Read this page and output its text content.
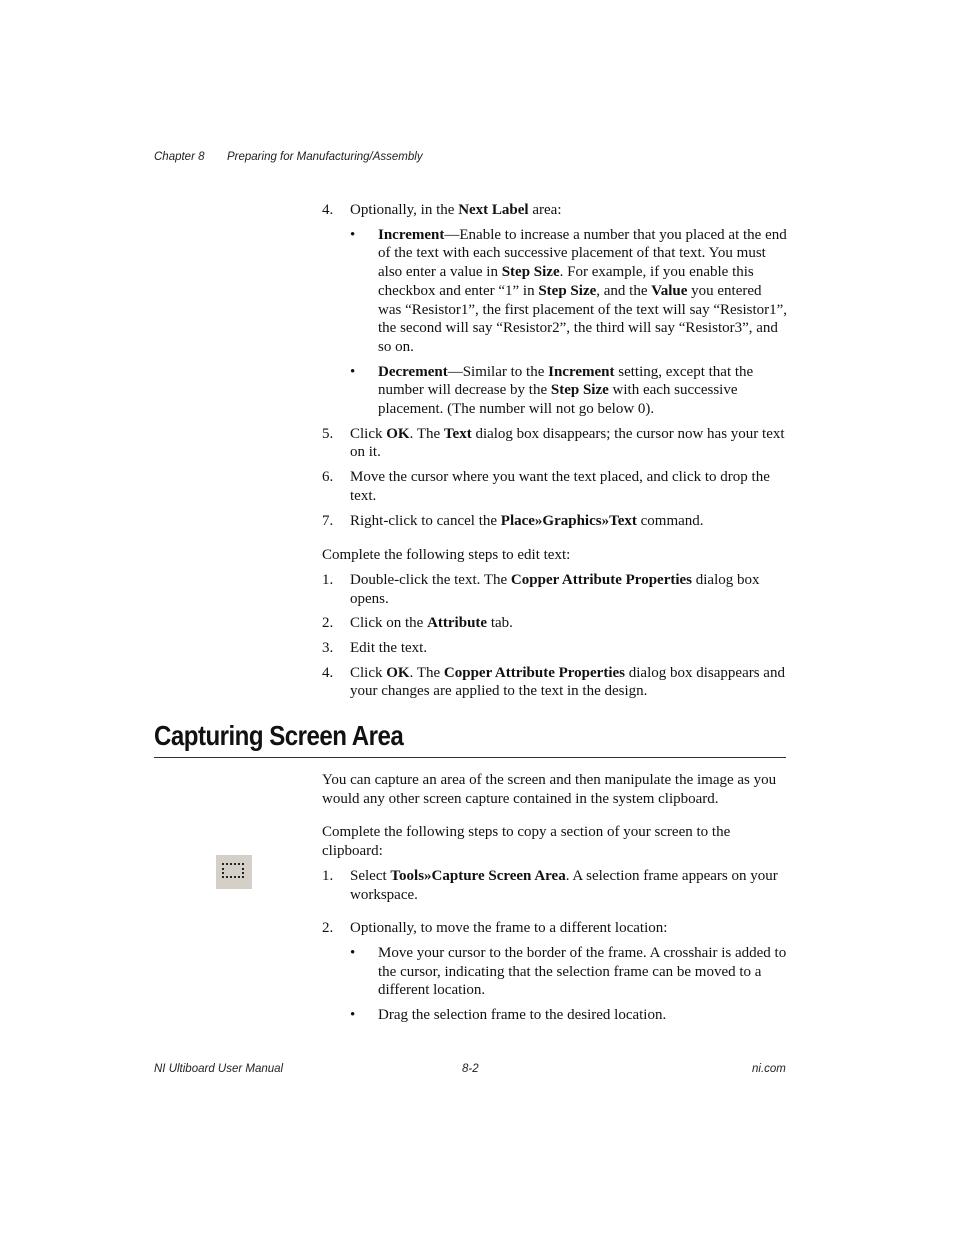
Chapter 8 Preparing for Manufacturing/Assembly
4. Optionally, in the Next Label area:
• Increment—Enable to increase a number that you placed at the end of the text with each successive placement of that text. You must also enter a value in Step Size. For example, if you enable this checkbox and enter “1” in Step Size, and the Value you entered was “Resistor1”, the first placement of the text will say “Resistor1”, the second will say “Resistor2”, the third will say “Resistor3”, and so on.
• Decrement—Similar to the Increment setting, except that the number will decrease by the Step Size with each successive placement. (The number will not go below 0).
5. Click OK. The Text dialog box disappears; the cursor now has your text on it.
6. Move the cursor where you want the text placed, and click to drop the text.
7. Right-click to cancel the Place»Graphics»Text command.

Complete the following steps to edit text:

1. Double-click the text. The Copper Attribute Properties dialog box opens.
2. Click on the Attribute tab.
3. Edit the text.
4. Click OK. The Copper Attribute Properties dialog box disappears and your changes are applied to the text in the design.
Capturing Screen Area

You can capture an area of the screen and then manipulate the image as you would any other screen capture contained in the system clipboard.

Complete the following steps to copy a section of your screen to the clipboard:

1. Select Tools»Capture Screen Area. A selection frame appears on your workspace.
2. Optionally, to move the frame to a different location:
• Move your cursor to the border of the frame. A crosshair is added to the cursor, indicating that the selection frame can be moved to a different location.
• Drag the selection frame to the desired location.
NI Ultiboard User Manual	8-2	ni.com
